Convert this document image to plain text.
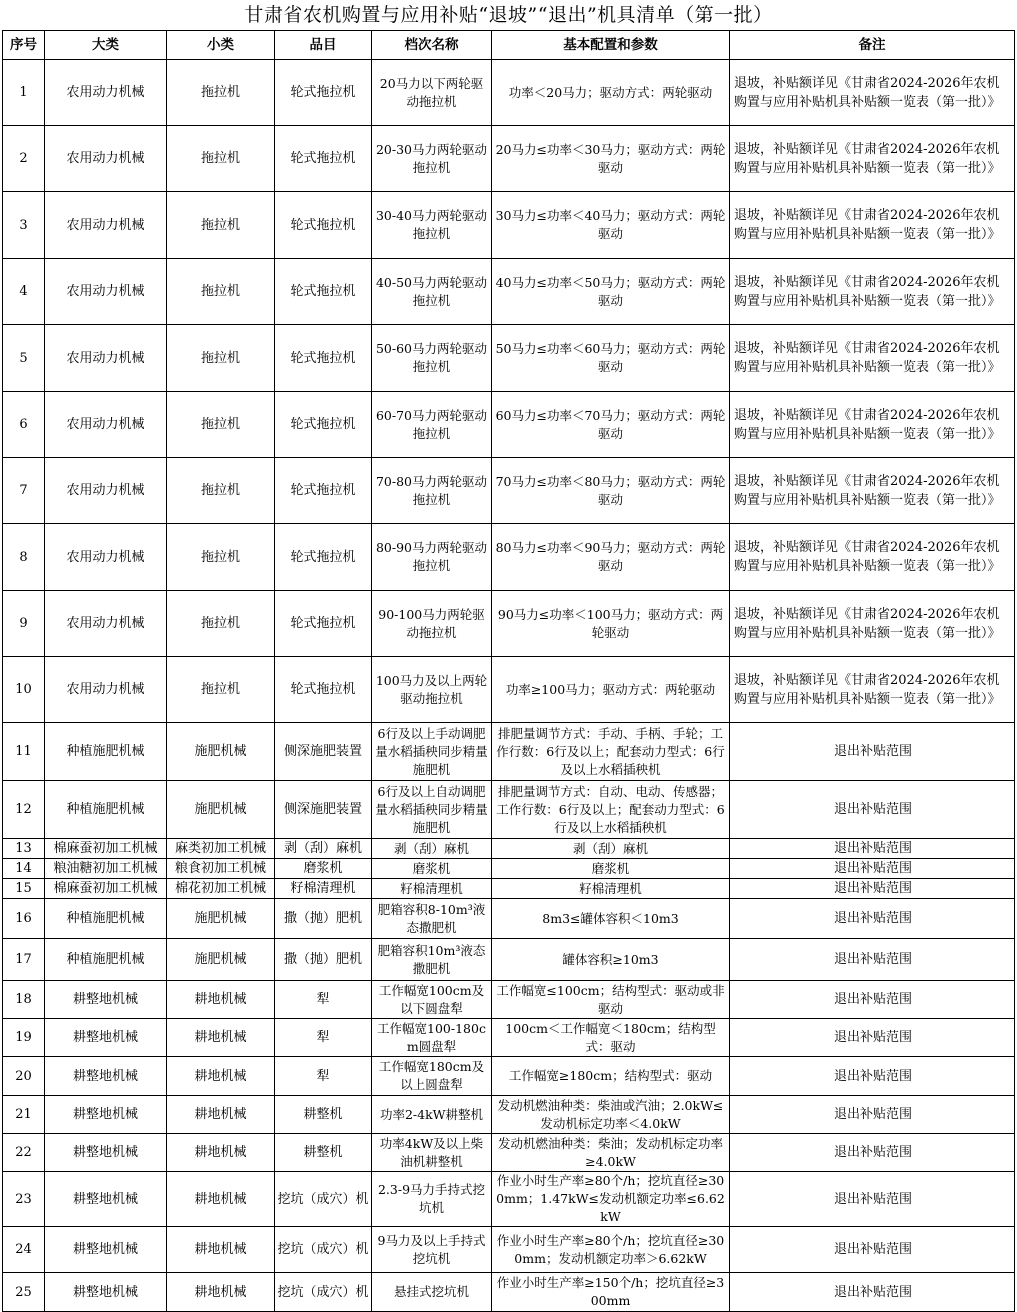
甘肃省农机购置与应用补贴“退坡”“退出”机具清单（第一批）
序号	大类	小类	品目	档次名称	基本配置和参数	备注
1	农用动力机械	拖拉机	轮式拖拉机	20马力以下两轮驱动拖拉机	功率＜20马力；驱动方式：两轮驱动	退坡，补贴额详见《甘肃省2024-2026年农机购置与应用补贴机具补贴额一览表（第一批）》
2	农用动力机械	拖拉机	轮式拖拉机	20-30马力两轮驱动拖拉机	20马力≤功率＜30马力；驱动方式：两轮驱动	退坡，补贴额详见《甘肃省2024-2026年农机购置与应用补贴机具补贴额一览表（第一批）》
3	农用动力机械	拖拉机	轮式拖拉机	30-40马力两轮驱动拖拉机	30马力≤功率＜40马力；驱动方式：两轮驱动	退坡，补贴额详见《甘肃省2024-2026年农机购置与应用补贴机具补贴额一览表（第一批）》
4	农用动力机械	拖拉机	轮式拖拉机	40-50马力两轮驱动拖拉机	40马力≤功率＜50马力；驱动方式：两轮驱动	退坡，补贴额详见《甘肃省2024-2026年农机购置与应用补贴机具补贴额一览表（第一批）》
5	农用动力机械	拖拉机	轮式拖拉机	50-60马力两轮驱动拖拉机	50马力≤功率＜60马力；驱动方式：两轮驱动	退坡，补贴额详见《甘肃省2024-2026年农机购置与应用补贴机具补贴额一览表（第一批）》
6	农用动力机械	拖拉机	轮式拖拉机	60-70马力两轮驱动拖拉机	60马力≤功率＜70马力；驱动方式：两轮驱动	退坡，补贴额详见《甘肃省2024-2026年农机购置与应用补贴机具补贴额一览表（第一批）》
7	农用动力机械	拖拉机	轮式拖拉机	70-80马力两轮驱动拖拉机	70马力≤功率＜80马力；驱动方式：两轮驱动	退坡，补贴额详见《甘肃省2024-2026年农机购置与应用补贴机具补贴额一览表（第一批）》
8	农用动力机械	拖拉机	轮式拖拉机	80-90马力两轮驱动拖拉机	80马力≤功率＜90马力；驱动方式：两轮驱动	退坡，补贴额详见《甘肃省2024-2026年农机购置与应用补贴机具补贴额一览表（第一批）》
9	农用动力机械	拖拉机	轮式拖拉机	90-100马力两轮驱动拖拉机	90马力≤功率＜100马力；驱动方式：两轮驱动	退坡，补贴额详见《甘肃省2024-2026年农机购置与应用补贴机具补贴额一览表（第一批）》
10	农用动力机械	拖拉机	轮式拖拉机	100马力及以上两轮驱动拖拉机	功率≥100马力；驱动方式：两轮驱动	退坡，补贴额详见《甘肃省2024-2026年农机购置与应用补贴机具补贴额一览表（第一批）》
11	种植施肥机械	施肥机械	侧深施肥装置	6行及以上手动调肥量水稻插秧同步精量施肥机	排肥量调节方式：手动、手柄、手轮；工作行数：6行及以上；配套动力型式：6行及以上水稻插秧机	退出补贴范围
12	种植施肥机械	施肥机械	侧深施肥装置	6行及以上自动调肥量水稻插秧同步精量施肥机	排肥量调节方式：自动、电动、传感器；工作行数：6行及以上；配套动力型式：6行及以上水稻插秧机	退出补贴范围
13	棉麻蚕初加工机械	麻类初加工机械	剥（刮）麻机	剥（刮）麻机	剥（刮）麻机	退出补贴范围
14	粮油糖初加工机械	粮食初加工机械	磨浆机	磨浆机	磨浆机	退出补贴范围
15	棉麻蚕初加工机械	棉花初加工机械	籽棉清理机	籽棉清理机	籽棉清理机	退出补贴范围
16	种植施肥机械	施肥机械	撒（抛）肥机	肥箱容积8-10m³液态撒肥机	8m3≤罐体容积＜10m3	退出补贴范围
17	种植施肥机械	施肥机械	撒（抛）肥机	肥箱容积10m³液态撒肥机	罐体容积≥10m3	退出补贴范围
18	耕整地机械	耕地机械	犁	工作幅宽100cm及以下圆盘犁	工作幅宽≤100cm；结构型式：驱动或非驱动	退出补贴范围
19	耕整地机械	耕地机械	犁	工作幅宽100-180cm圆盘犁	100cm＜工作幅宽＜180cm；结构型式：驱动	退出补贴范围
20	耕整地机械	耕地机械	犁	工作幅宽180cm及以上圆盘犁	工作幅宽≥180cm；结构型式：驱动	退出补贴范围
21	耕整地机械	耕地机械	耕整机	功率2-4kW耕整机	发动机燃油种类：柴油或汽油；2.0kW≤发动机标定功率＜4.0kW	退出补贴范围
22	耕整地机械	耕地机械	耕整机	功率4kW及以上柴油机耕整机	发动机燃油种类：柴油；发动机标定功率≥4.0kW	退出补贴范围
23	耕整地机械	耕地机械	挖坑（成穴）机	2.3-9马力手持式挖坑机	作业小时生产率≥80个/h；挖坑直径≥300mm；1.47kW≤发动机额定功率≤6.62kW	退出补贴范围
24	耕整地机械	耕地机械	挖坑（成穴）机	9马力及以上手持式挖坑机	作业小时生产率≥80个/h；挖坑直径≥300mm；发动机额定功率＞6.62kW	退出补贴范围
25	耕整地机械	耕地机械	挖坑（成穴）机	悬挂式挖坑机	作业小时生产率≥150个/h；挖坑直径≥300mm	退出补贴范围
